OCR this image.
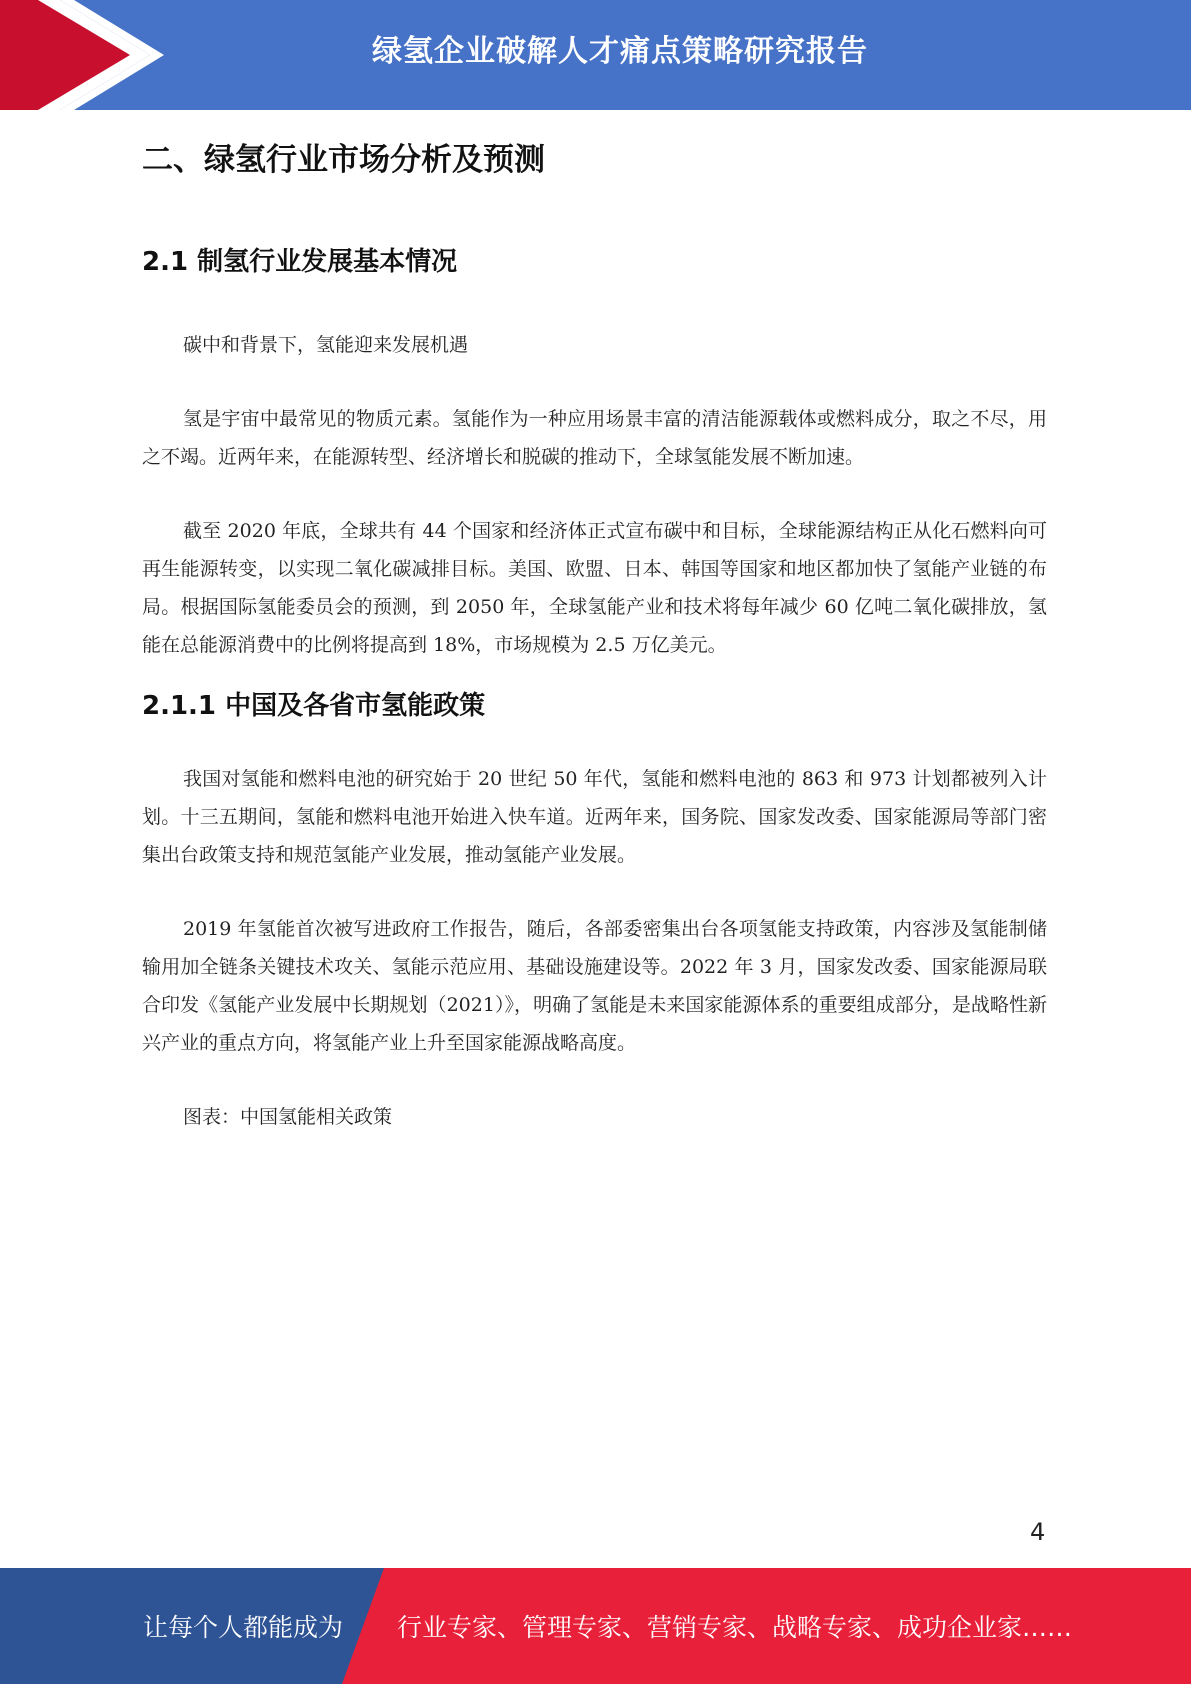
绿氢企业破解人才痛点策略研究报告
二、绿氢行业市场分析及预测
2.1 制氢行业发展基本情况

碳中和背景下，氢能迎来发展机遇

氢是宇宙中最常见的物质元素。氢能作为一种应用场景丰富的清洁能源载体或燃料成分，取之不尽，用之不竭。近两年来，在能源转型、经济增长和脱碳的推动下，全球氢能发展不断加速。

截至 2020 年底，全球共有 44 个国家和经济体正式宣布碳中和目标，全球能源结构正从化石燃料向可再生能源转变，以实现二氧化碳减排目标。美国、欧盟、日本、韩国等国家和地区都加快了氢能产业链的布局。根据国际氢能委员会的预测，到 2050 年，全球氢能产业和技术将每年减少 60 亿吨二氧化碳排放，氢能在总能源消费中的比例将提高到 18%，市场规模为 2.5 万亿美元。

2.1.1 中国及各省市氢能政策

我国对氢能和燃料电池的研究始于 20 世纪 50 年代，氢能和燃料电池的 863 和 973 计划都被列入计划。十三五期间，氢能和燃料电池开始进入快车道。近两年来，国务院、国家发改委、国家能源局等部门密集出台政策支持和规范氢能产业发展，推动氢能产业发展。

2019 年氢能首次被写进政府工作报告，随后，各部委密集出台各项氢能支持政策，内容涉及氢能制储输用加全链条关键技术攻关、氢能示范应用、基础设施建设等。2022 年 3 月，国家发改委、国家能源局联合印发《氢能产业发展中长期规划（2021）》，明确了氢能是未来国家能源体系的重要组成部分，是战略性新兴产业的重点方向，将氢能产业上升至国家能源战略高度。

图表：中国氢能相关政策

4
让每个人都能成为 行业专家、管理专家、营销专家、战略专家、成功企业家……
